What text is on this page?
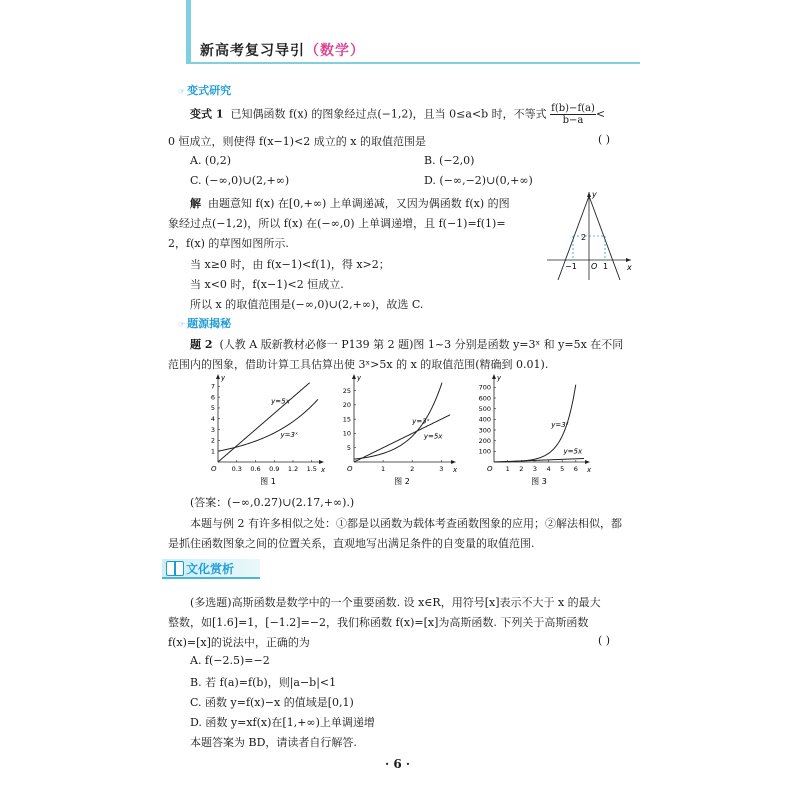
新高考复习导引（数学）
☞ 变式研究
变式 1 已知偶函数 f(x) 的图象经过点(−1,2)，且当 0≤a<b 时，不等式 $\frac{f(b)-f(a)}{b-a}$ <
0 恒成立，则使得 f(x−1)<2 成立的 x 的取值范围是	( )
A. (0,2)	B. (−2,0)
C. (−∞,0)∪(2,+∞)	D. (−∞,−2)∪(0,+∞)
解 由题意知 f(x) 在[0,+∞) 上单调递减，又因为偶函数 f(x) 的图
象经过点(−1,2)，所以 f(x) 在(−∞,0) 上单调递增，且 f(−1)=f(1)=
2，f(x) 的草图如图所示.
当 x≥0 时，由 f(x−1)<f(1)，得 x>2；
当 x<0 时，f(x−1)<2 恒成立.
所以 x 的取值范围是(−∞,0)∪(2,+∞)，故选 C.
y
x
2
−1 O 1
☞ 题源揭秘
题 2 (人教 A 版新教材必修一 P139 第 2 题)图 1~3 分别是函数 y=3ˣ 和 y=5x 在不同
范围内的图象，借助计算工具估算出使 3ˣ>5x 的 x 的取值范围(精确到 0.01).
x
y
O 0.3 0.6 0.9 1.2 1.5
1
2
3
4
5
6
7
y=5x
y=3ˣ
图 1
x
y
O	1	2	3
5
10
15
20
25
y=3ˣ
y=5x
图 2
x
y
O 1 2 3 4 5 6
100
200
300
400
500
600
700
y=3ˣ
y=5x
图 3
(答案：(−∞,0.27)∪(2.17,+∞).)
本题与例 2 有许多相似之处：①都是以函数为载体考查函数图象的应用；②解法相似，都
是抓住函数图象之间的位置关系，直观地写出满足条件的自变量的取值范围.
文化赏析
(多选题)高斯函数是数学中的一个重要函数. 设 x∈R，用符号[x]表示不大于 x 的最大
整数，如[1.6]=1，[−1.2]=−2，我们称函数 f(x)=[x]为高斯函数. 下列关于高斯函数
f(x)=[x]的说法中，正确的为	( )
A. f(−2.5)=−2
B. 若 f(a)=f(b)，则|a−b|<1
C. 函数 y=f(x)−x 的值域是[0,1)
D. 函数 y=xf(x)在[1,+∞)上单调递增
本题答案为 BD，请读者自行解答.
· 6 ·
